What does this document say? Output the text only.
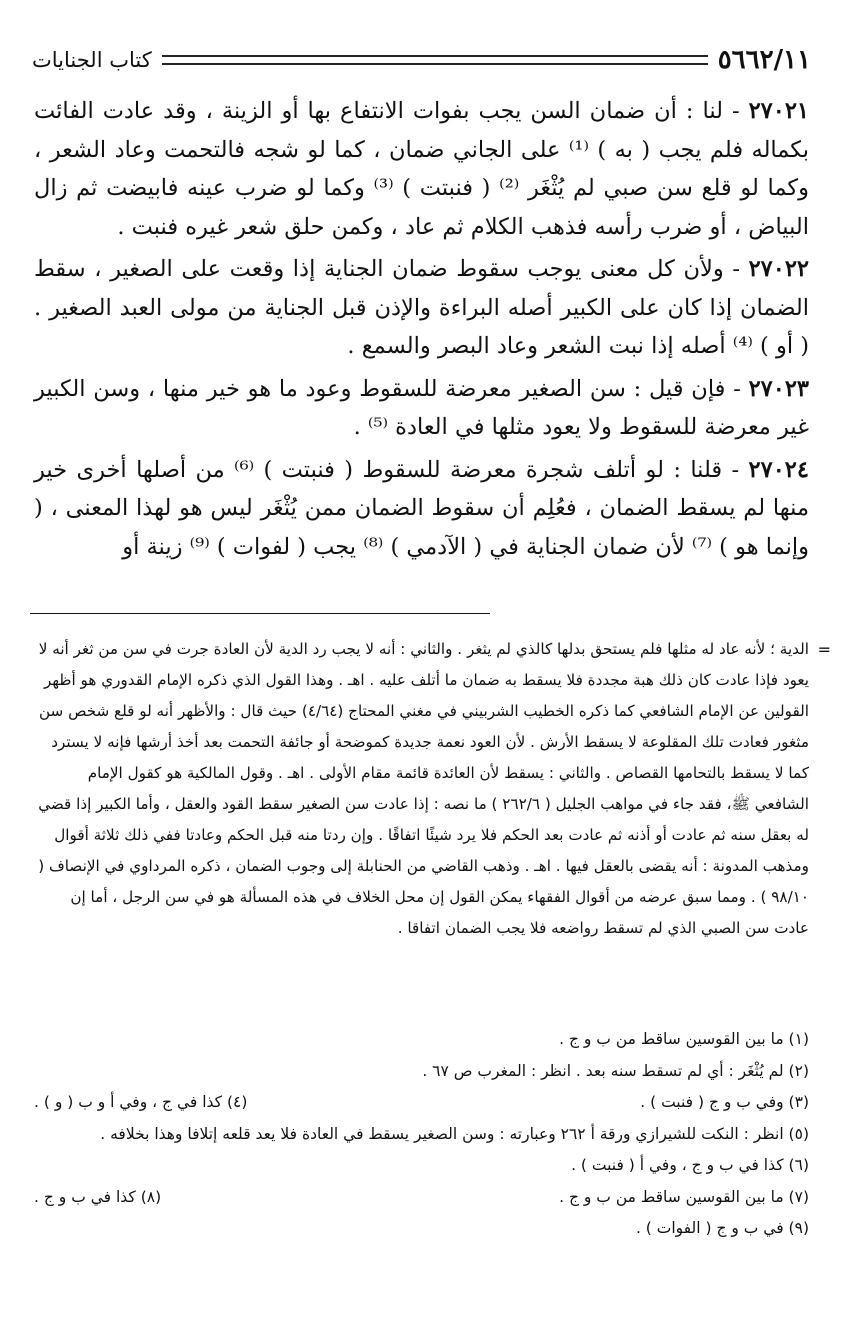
٥٦٦٢/١١
كتاب الجنايات

٢٧٠٢١ - لنا : أن ضمان السن يجب بفوات الانتفاع بها أو الزينة ، وقد عادت الفائت بكماله فلم يجب ( به ) ⁽¹⁾ على الجاني ضمان ، كما لو شجه فالتحمت وعاد الشعر ، وكما لو قلع سن صبي لم يُثْغَر ⁽²⁾ ( فنبتت ) ⁽³⁾ وكما لو ضرب عينه فابيضت ثم زال البياض ، أو ضرب رأسه فذهب الكلام ثم عاد ، وكمن حلق شعر غيره فنبت .

٢٧٠٢٢ - ولأن كل معنى يوجب سقوط ضمان الجناية إذا وقعت على الصغير ، سقط الضمان إذا كان على الكبير أصله البراءة والإذن قبل الجناية من مولى العبد الصغير . ( أو ) ⁽⁴⁾ أصله إذا نبت الشعر وعاد البصر والسمع .

٢٧٠٢٣ - فإن قيل : سن الصغير معرضة للسقوط وعود ما هو خير منها ، وسن الكبير غير معرضة للسقوط ولا يعود مثلها في العادة ⁽⁵⁾ .

٢٧٠٢٤ - قلنا : لو أتلف شجرة معرضة للسقوط ( فنبتت ) ⁽⁶⁾ من أصلها أخرى خير منها لم يسقط الضمان ، فعُلِم أن سقوط الضمان ممن يُثْغَر ليس هو لهذا المعنى ، ( وإنما هو ) ⁽⁷⁾ لأن ضمان الجناية في ( الآدمي ) ⁽⁸⁾ يجب ( لفوات ) ⁽⁹⁾ زينة أو

=

الدية ؛ لأنه عاد له مثلها فلم يستحق بدلها كالذي لم يثغر . والثاني : أنه لا يجب رد الدية لأن العادة جرت في سن من ثغر أنه لا يعود فإذا عادت كان ذلك هبة مجددة فلا يسقط به ضمان ما أتلف عليه . اهـ . وهذا القول الذي ذكره الإمام القدوري هو أظهر القولين عن الإمام الشافعي كما ذكره الخطيب الشربيني في مغني المحتاج (٤/٦٤) حيث قال : والأظهر أنه لو قلع شخص سن مثغور فعادت تلك المقلوعة لا يسقط الأرش . لأن العود نعمة جديدة كموضحة أو جائفة التحمت بعد أخذ أرشها فإنه لا يسترد كما لا يسقط بالتحامها القصاص . والثاني : يسقط لأن العائدة قائمة مقام الأولى . اهـ . وقول المالكية هو كقول الإمام الشافعي ﷺ، فقد جاء في مواهب الجليل ( ٢٦٢/٦ ) ما نصه : إذا عادت سن الصغير سقط القود والعقل ، وأما الكبير إذا قضي له بعقل سنه ثم عادت أو أذنه ثم عادت بعد الحكم فلا يرد شيئًا اتفاقًا . وإن ردتا منه قبل الحكم وعادتا ففي ذلك ثلاثة أقوال ومذهب المدونة : أنه يقضى بالعقل فيها . اهـ . وذهب القاضي من الحنابلة إلى وجوب الضمان ، ذكره المرداوي في الإنصاف ( ٩٨/١٠ ) . ومما سبق عرضه من أقوال الفقهاء يمكن القول إن محل الخلاف في هذه المسألة هو في سن الرجل ، أما إن عادت سن الصبي الذي لم تسقط رواضعه فلا يجب الضمان اتفاقا .

(١) ما بين القوسين ساقط من ب و ج .
(٢) لم يُثْغَر : أي لم تسقط سنه بعد . انظر : المغرب ص ٦٧ .
(٣) وفي ب و ج ( فنبت ) .
(٤) كذا في ج ، وفي أ و ب ( و ) .
(٥) انظر : النكت للشيرازي ورقة أ ٢٦٢ وعبارته : وسن الصغير يسقط في العادة فلا يعد قلعه إتلافا وهذا بخلافه .
(٦) كذا في ب و ج ، وفي أ ( فنبت ) .
(٧) ما بين القوسين ساقط من ب و ج .
(٨) كذا في ب و ج .
(٩) في ب و ج ( الفوات ) .
